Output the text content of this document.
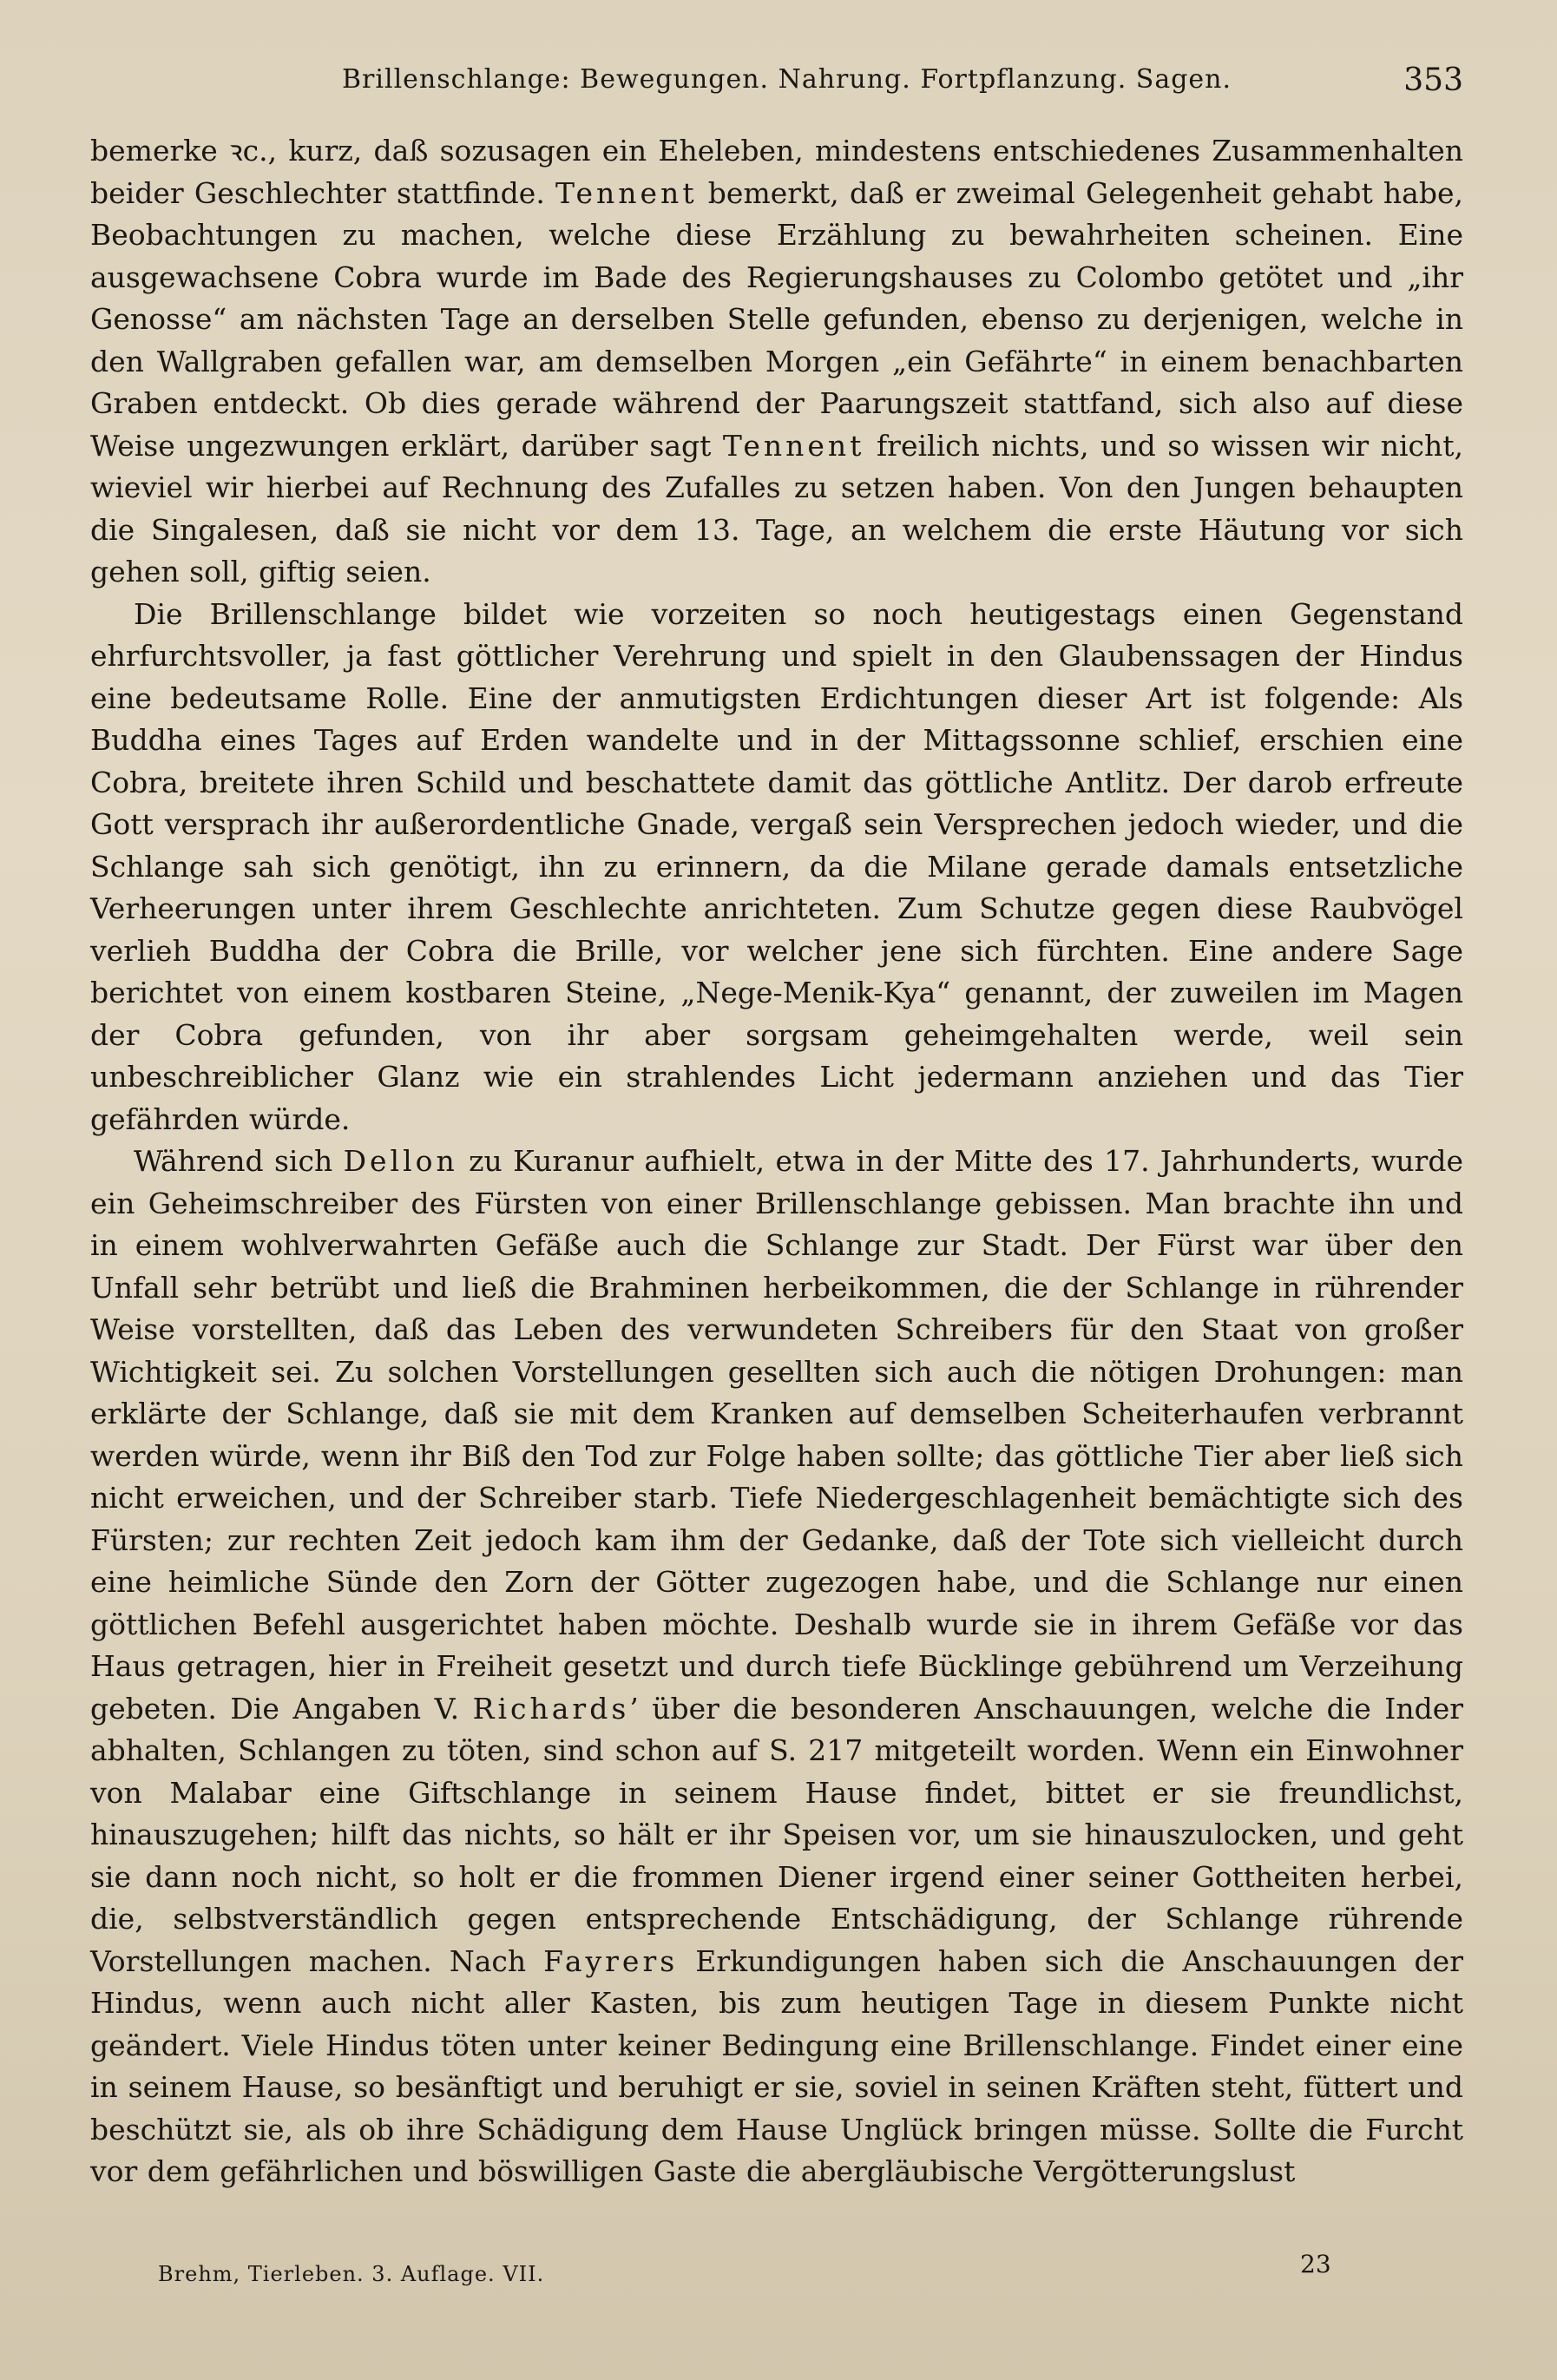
Brillenschlange: Bewegungen. Nahrung. Fortpflanzung. Sagen.	353

bemerke ꝛc., kurz, daß sozusagen ein Eheleben, mindestens entschiedenes Zusammenhalten beider Geschlechter stattfinde. Tennent bemerkt, daß er zweimal Gelegenheit gehabt habe, Beobachtungen zu machen, welche diese Erzählung zu bewahrheiten scheinen. Eine ausgewachsene Cobra wurde im Bade des Regierungshauses zu Colombo getötet und „ihr Genosse“ am nächsten Tage an derselben Stelle gefunden, ebenso zu derjenigen, welche in den Wallgraben gefallen war, am demselben Morgen „ein Gefährte“ in einem benachbarten Graben entdeckt. Ob dies gerade während der Paarungszeit stattfand, sich also auf diese Weise ungezwungen erklärt, darüber sagt Tennent freilich nichts, und so wissen wir nicht, wieviel wir hierbei auf Rechnung des Zufalles zu setzen haben. Von den Jungen behaupten die Singalesen, daß sie nicht vor dem 13. Tage, an welchem die erste Häutung vor sich gehen soll, giftig seien.

Die Brillenschlange bildet wie vorzeiten so noch heutigestags einen Gegenstand ehrfurchtsvoller, ja fast göttlicher Verehrung und spielt in den Glaubenssagen der Hindus eine bedeutsame Rolle. Eine der anmutigsten Erdichtungen dieser Art ist folgende: Als Buddha eines Tages auf Erden wandelte und in der Mittagssonne schlief, erschien eine Cobra, breitete ihren Schild und beschattete damit das göttliche Antlitz. Der darob erfreute Gott versprach ihr außerordentliche Gnade, vergaß sein Versprechen jedoch wieder, und die Schlange sah sich genötigt, ihn zu erinnern, da die Milane gerade damals entsetzliche Verheerungen unter ihrem Geschlechte anrichteten. Zum Schutze gegen diese Raubvögel verlieh Buddha der Cobra die Brille, vor welcher jene sich fürchten. Eine andere Sage berichtet von einem kostbaren Steine, „Nege-Menik-Kya“ genannt, der zuweilen im Magen der Cobra gefunden, von ihr aber sorgsam geheimgehalten werde, weil sein unbeschreiblicher Glanz wie ein strahlendes Licht jedermann anziehen und das Tier gefährden würde.

Während sich Dellon zu Kuranur aufhielt, etwa in der Mitte des 17. Jahrhunderts, wurde ein Geheimschreiber des Fürsten von einer Brillenschlange gebissen. Man brachte ihn und in einem wohlverwahrten Gefäße auch die Schlange zur Stadt. Der Fürst war über den Unfall sehr betrübt und ließ die Brahminen herbeikommen, die der Schlange in rührender Weise vorstellten, daß das Leben des verwundeten Schreibers für den Staat von großer Wichtigkeit sei. Zu solchen Vorstellungen gesellten sich auch die nötigen Drohungen: man erklärte der Schlange, daß sie mit dem Kranken auf demselben Scheiterhaufen verbrannt werden würde, wenn ihr Biß den Tod zur Folge haben sollte; das göttliche Tier aber ließ sich nicht erweichen, und der Schreiber starb. Tiefe Niedergeschlagenheit bemächtigte sich des Fürsten; zur rechten Zeit jedoch kam ihm der Gedanke, daß der Tote sich vielleicht durch eine heimliche Sünde den Zorn der Götter zugezogen habe, und die Schlange nur einen göttlichen Befehl ausgerichtet haben möchte. Deshalb wurde sie in ihrem Gefäße vor das Haus getragen, hier in Freiheit gesetzt und durch tiefe Bücklinge gebührend um Verzeihung gebeten. Die Angaben V. Richards’ über die besonderen Anschauungen, welche die Inder abhalten, Schlangen zu töten, sind schon auf S. 217 mitgeteilt worden. Wenn ein Einwohner von Malabar eine Giftschlange in seinem Hause findet, bittet er sie freundlichst, hinauszugehen; hilft das nichts, so hält er ihr Speisen vor, um sie hinauszulocken, und geht sie dann noch nicht, so holt er die frommen Diener irgend einer seiner Gottheiten herbei, die, selbstverständlich gegen entsprechende Entschädigung, der Schlange rührende Vorstellungen machen. Nach Fayrers Erkundigungen haben sich die Anschauungen der Hindus, wenn auch nicht aller Kasten, bis zum heutigen Tage in diesem Punkte nicht geändert. Viele Hindus töten unter keiner Bedingung eine Brillenschlange. Findet einer eine in seinem Hause, so besänftigt und beruhigt er sie, soviel in seinen Kräften steht, füttert und beschützt sie, als ob ihre Schädigung dem Hause Unglück bringen müsse. Sollte die Furcht vor dem gefährlichen und böswilligen Gaste die abergläubische Vergötterungslust

Brehm, Tierleben. 3. Auflage. VII.	23
